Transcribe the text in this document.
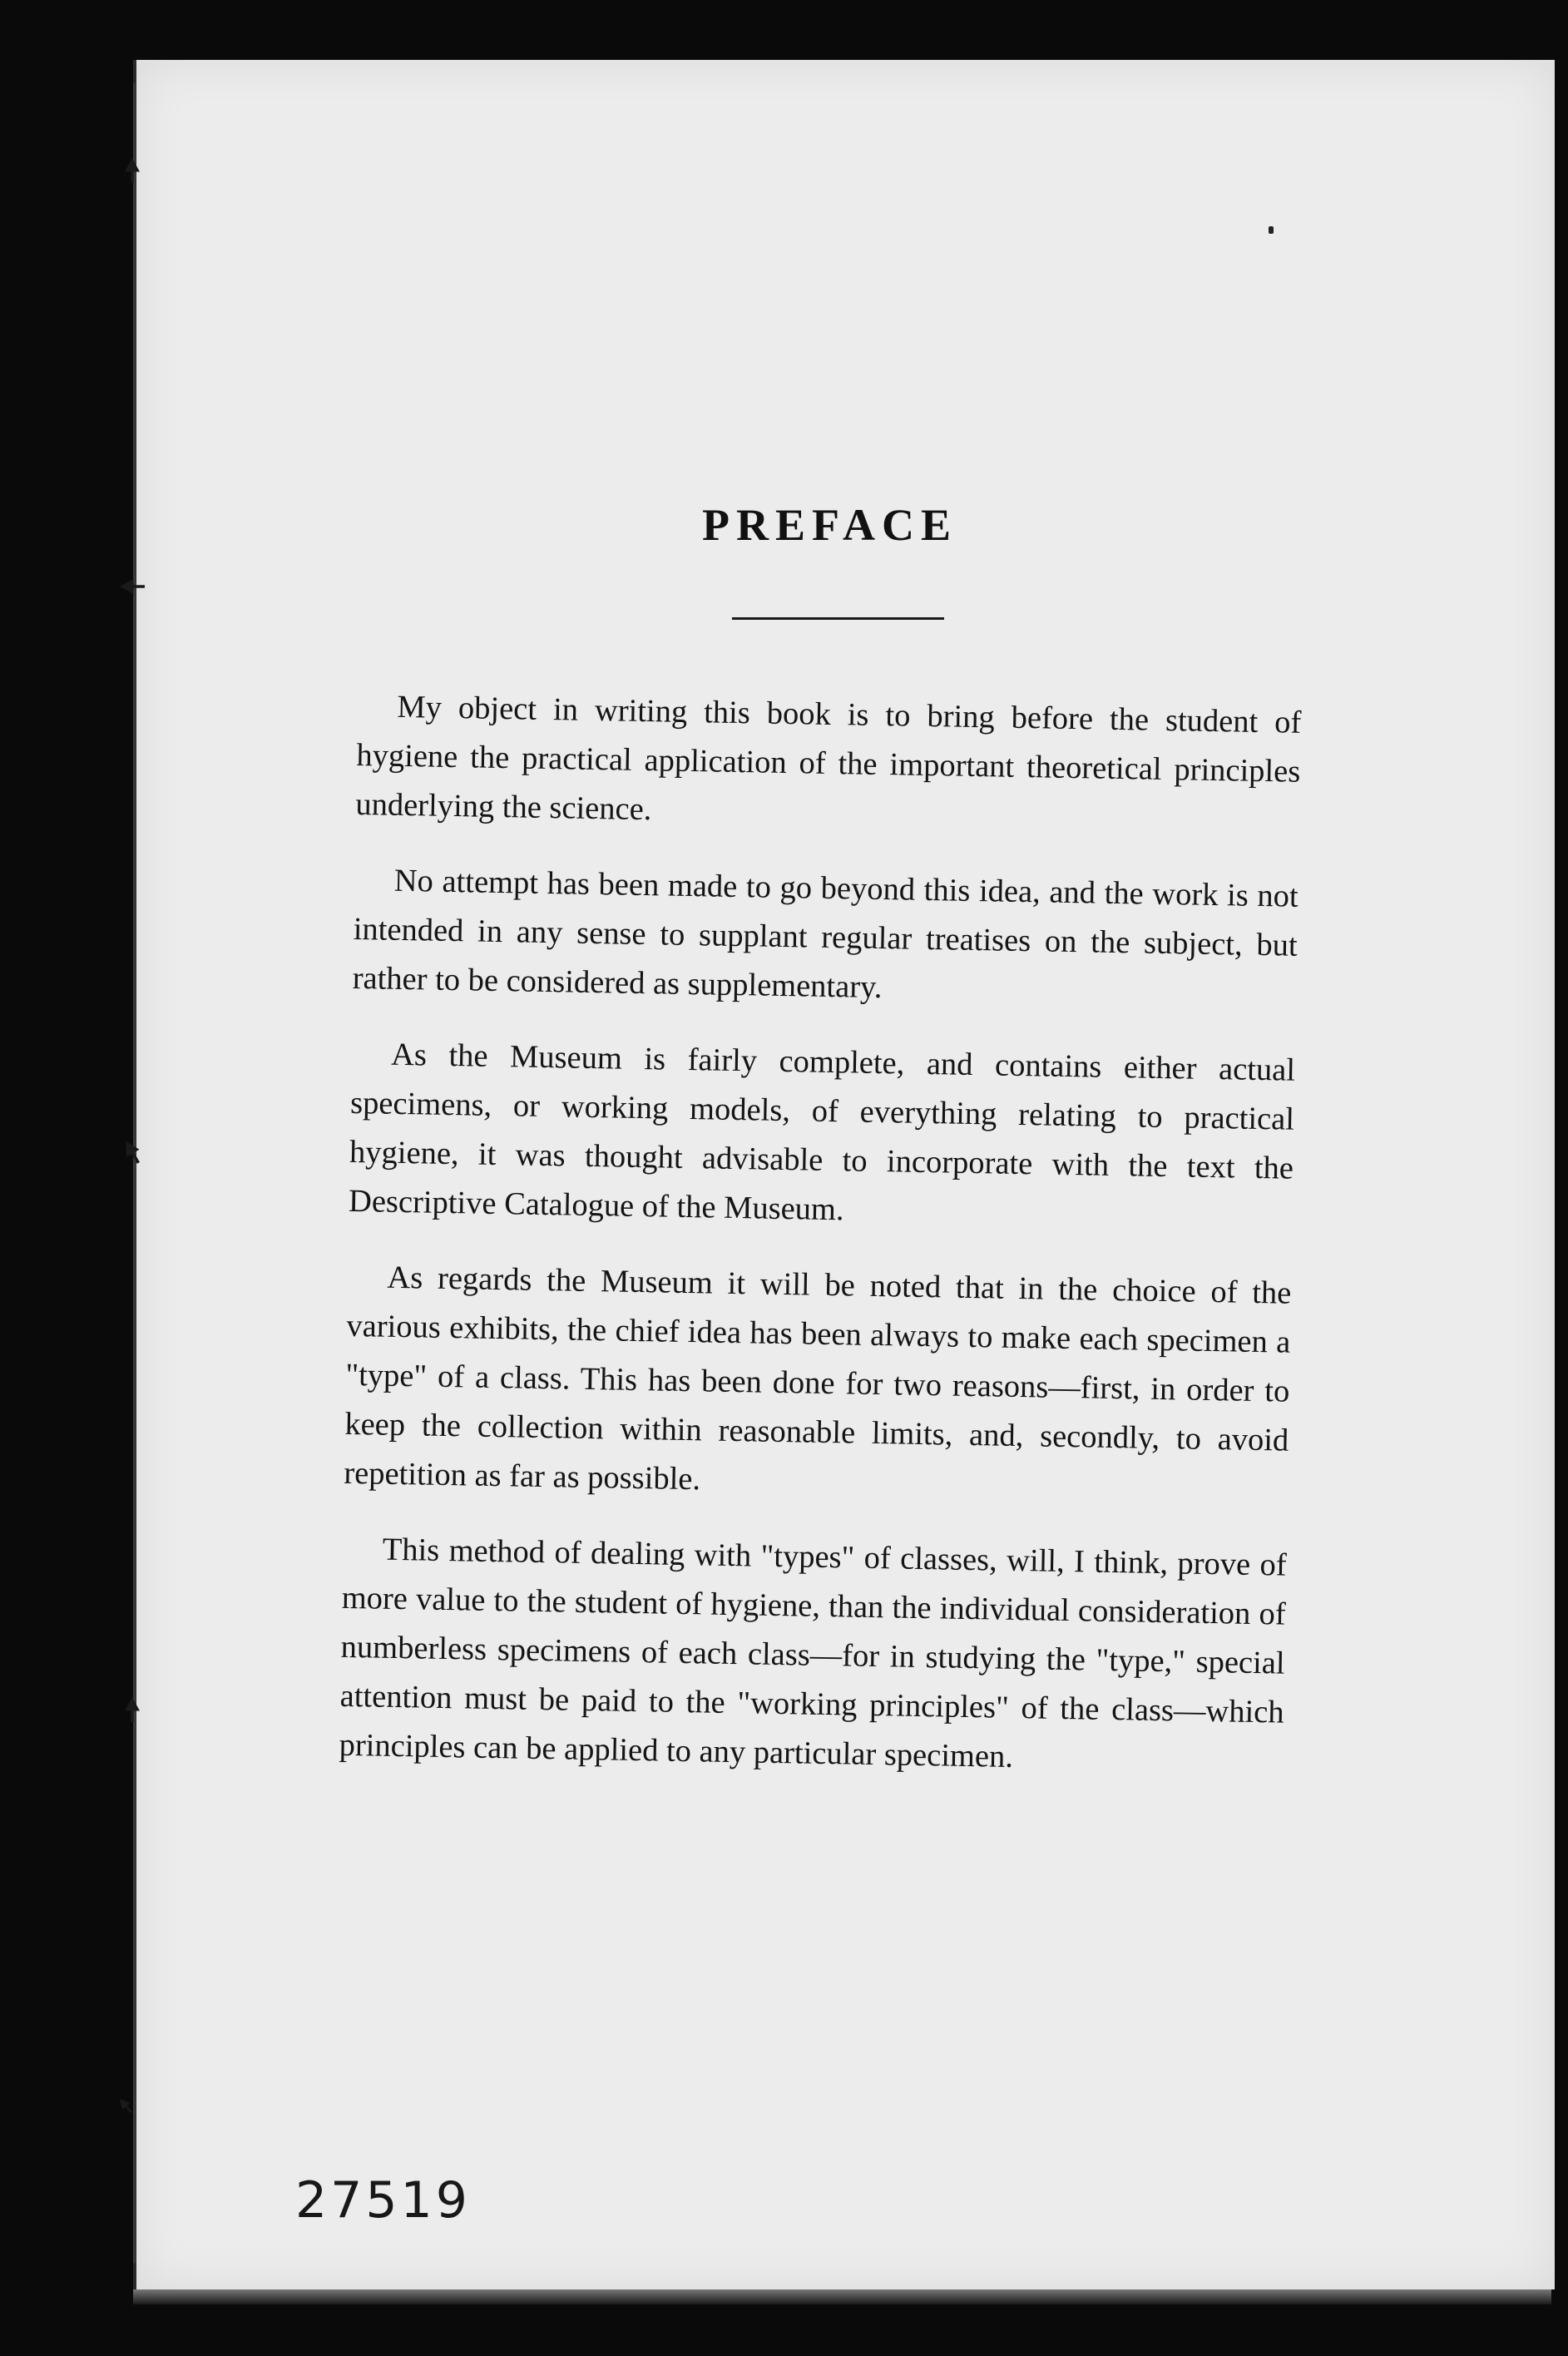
PREFACE

My object in writing this book is to bring before the student of hygiene the practical application of the important theoretical principles underlying the science.

No attempt has been made to go beyond this idea, and the work is not intended in any sense to supplant regular treatises on the subject, but rather to be considered as supplementary.

As the Museum is fairly complete, and contains either actual specimens, or working models, of everything relating to practical hygiene, it was thought advisable to incorporate with the text the Descriptive Catalogue of the Museum.

As regards the Museum it will be noted that in the choice of the various exhibits, the chief idea has been always to make each specimen a "type" of a class. This has been done for two reasons—first, in order to keep the collection within reasonable limits, and, secondly, to avoid repetition as far as possible.

This method of dealing with "types" of classes, will, I think, prove of more value to the student of hygiene, than the individual consideration of numberless specimens of each class—for in studying the "type," special attention must be paid to the "working principles" of the class—which principles can be applied to any particular specimen.

27519
